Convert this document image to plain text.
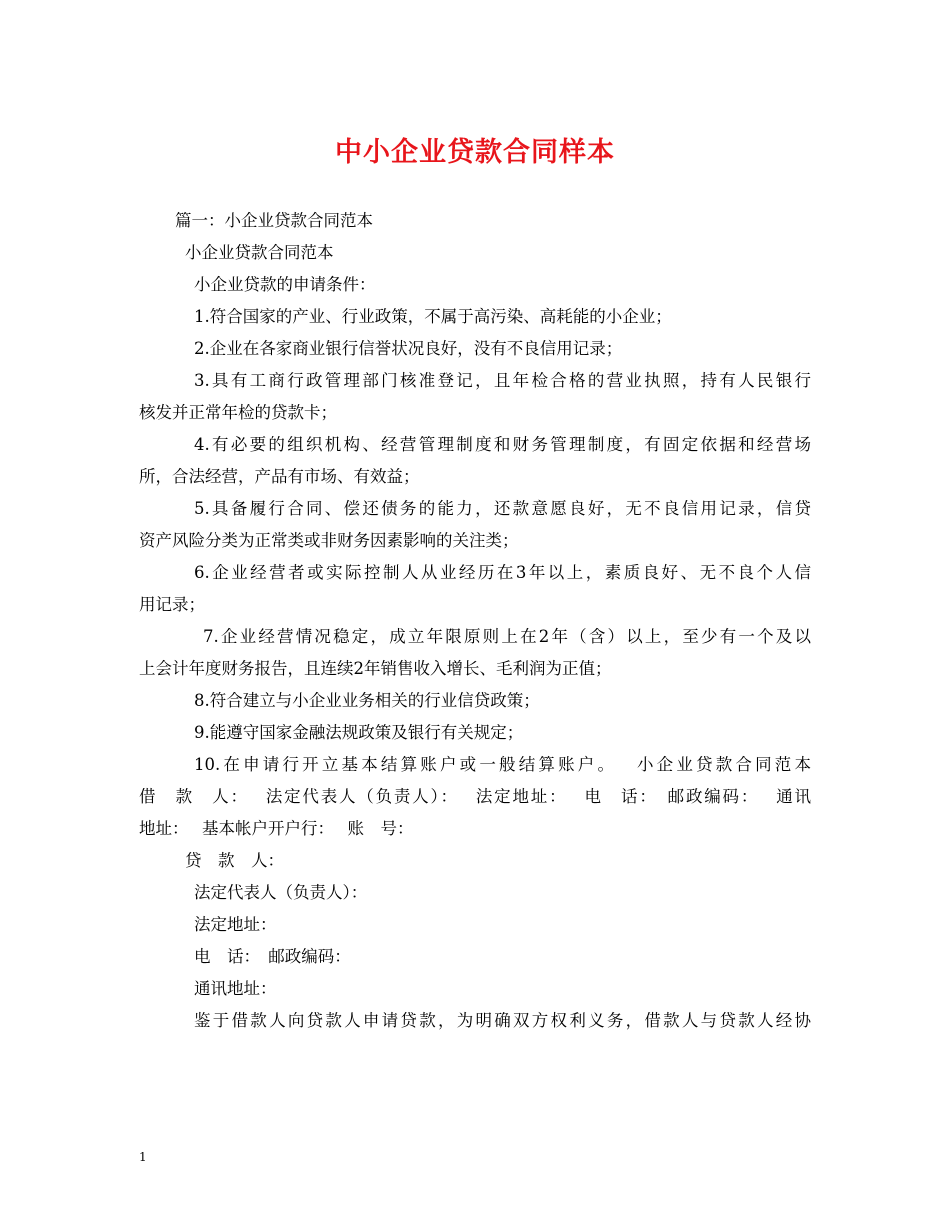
中小企业贷款合同样本
篇一：小企业贷款合同范本
小企业贷款合同范本
小企业贷款的申请条件：
1.符合国家的产业、行业政策，不属于高污染、高耗能的小企业；
2.企业在各家商业银行信誉状况良好，没有不良信用记录；
3.具有工商行政管理部门核准登记，且年检合格的营业执照，持有人民银行
核发并正常年检的贷款卡；
4.有必要的组织机构、经营管理制度和财务管理制度，有固定依据和经营场
所，合法经营，产品有市场、有效益；
5.具备履行合同、偿还债务的能力，还款意愿良好，无不良信用记录，信贷
资产风险分类为正常类或非财务因素影响的关注类；
6.企业经营者或实际控制人从业经历在3年以上，素质良好、无不良个人信
用记录；
7.企业经营情况稳定，成立年限原则上在2年（含）以上，至少有一个及以
上会计年度财务报告，且连续2年销售收入增长、毛利润为正值；
8.符合建立与小企业业务相关的行业信贷政策；
9.能遵守国家金融法规政策及银行有关规定；
10.在申请行开立基本结算账户或一般结算账户。　 小企业贷款合同范本
借　款　人：　 法定代表人（负责人）：　 法定地址：　 电　话：　邮政编码：　 通讯
地址：　 基本帐户开户行：　 账　号：
贷　款　人：
法定代表人（负责人）：
法定地址：
电　话：　邮政编码：
通讯地址：
鉴于借款人向贷款人申请贷款，为明确双方权利义务，借款人与贷款人经协
1
